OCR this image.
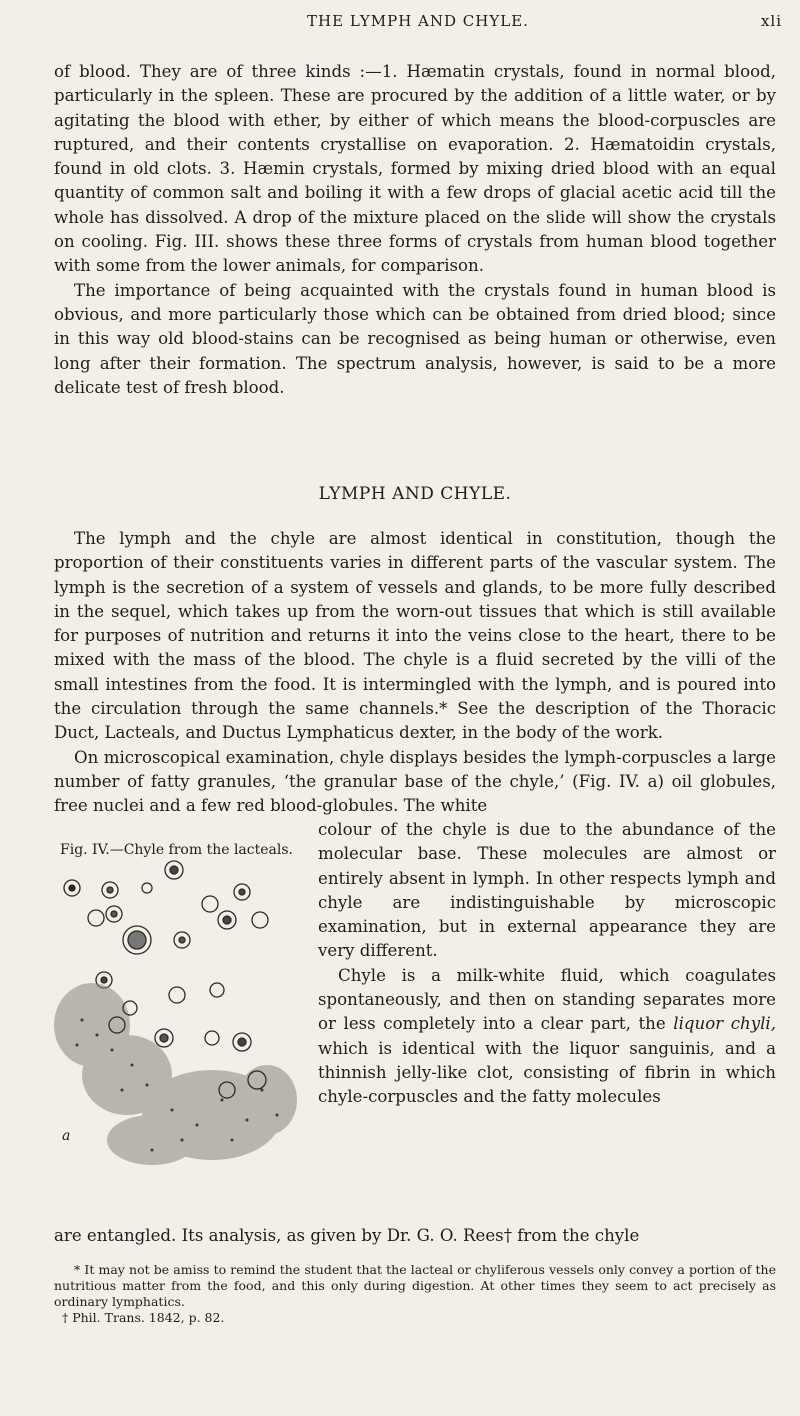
THE LYMPH AND CHYLE.	xli

of blood. They are of three kinds :—1. Hæmatin crystals, found in normal blood, particularly in the spleen. These are procured by the addition of a little water, or by agitating the blood with ether, by either of which means the blood-corpuscles are ruptured, and their contents crystallise on evaporation. 2. Hæmatoidin crystals, found in old clots. 3. Hæmin crystals, formed by mixing dried blood with an equal quantity of common salt and boiling it with a few drops of glacial acetic acid till the whole has dissolved. A drop of the mixture placed on the slide will show the crystals on cooling. Fig. III. shows these three forms of crystals from human blood together with some from the lower animals, for comparison.

The importance of being acquainted with the crystals found in human blood is obvious, and more particularly those which can be obtained from dried blood; since in this way old blood-stains can be recognised as being human or otherwise, even long after their formation. The spectrum analysis, however, is said to be a more delicate test of fresh blood.

LYMPH AND CHYLE.

The lymph and the chyle are almost identical in constitution, though the proportion of their constituents varies in different parts of the vascular system. The lymph is the secretion of a system of vessels and glands, to be more fully described in the sequel, which takes up from the worn-out tissues that which is still available for purposes of nutrition and returns it into the veins close to the heart, there to be mixed with the mass of the blood. The chyle is a fluid secreted by the villi of the small intestines from the food. It is intermingled with the lymph, and is poured into the circulation through the same channels.* See the description of the Thoracic Duct, Lacteals, and Ductus Lymphaticus dexter, in the body of the work.

On microscopical examination, chyle displays besides the lymph-corpuscles a large number of fatty granules, ‘the granular base of the chyle,’ (Fig. IV. a) oil globules, free nuclei and a few red blood-globules. The white

Fig. IV.—Chyle from the lacteals.
a

colour of the chyle is due to the abundance of the molecular base. These molecules are almost or entirely absent in lymph. In other respects lymph and chyle are indistinguishable by microscopic examination, but in external appearance they are very different.

Chyle is a milk-white fluid, which coagulates spontaneously, and then on standing separates more or less completely into a clear part, the liquor chyli, which is identical with the liquor sanguinis, and a thinnish jelly-like clot, consisting of fibrin in which chyle-corpuscles and the fatty molecules

are entangled. Its analysis, as given by Dr. G. O. Rees† from the chyle

* It may not be amiss to remind the student that the lacteal or chyliferous vessels only convey a portion of the nutritious matter from the food, and this only during digestion. At other times they seem to act precisely as ordinary lymphatics.

† Phil. Trans. 1842, p. 82.
